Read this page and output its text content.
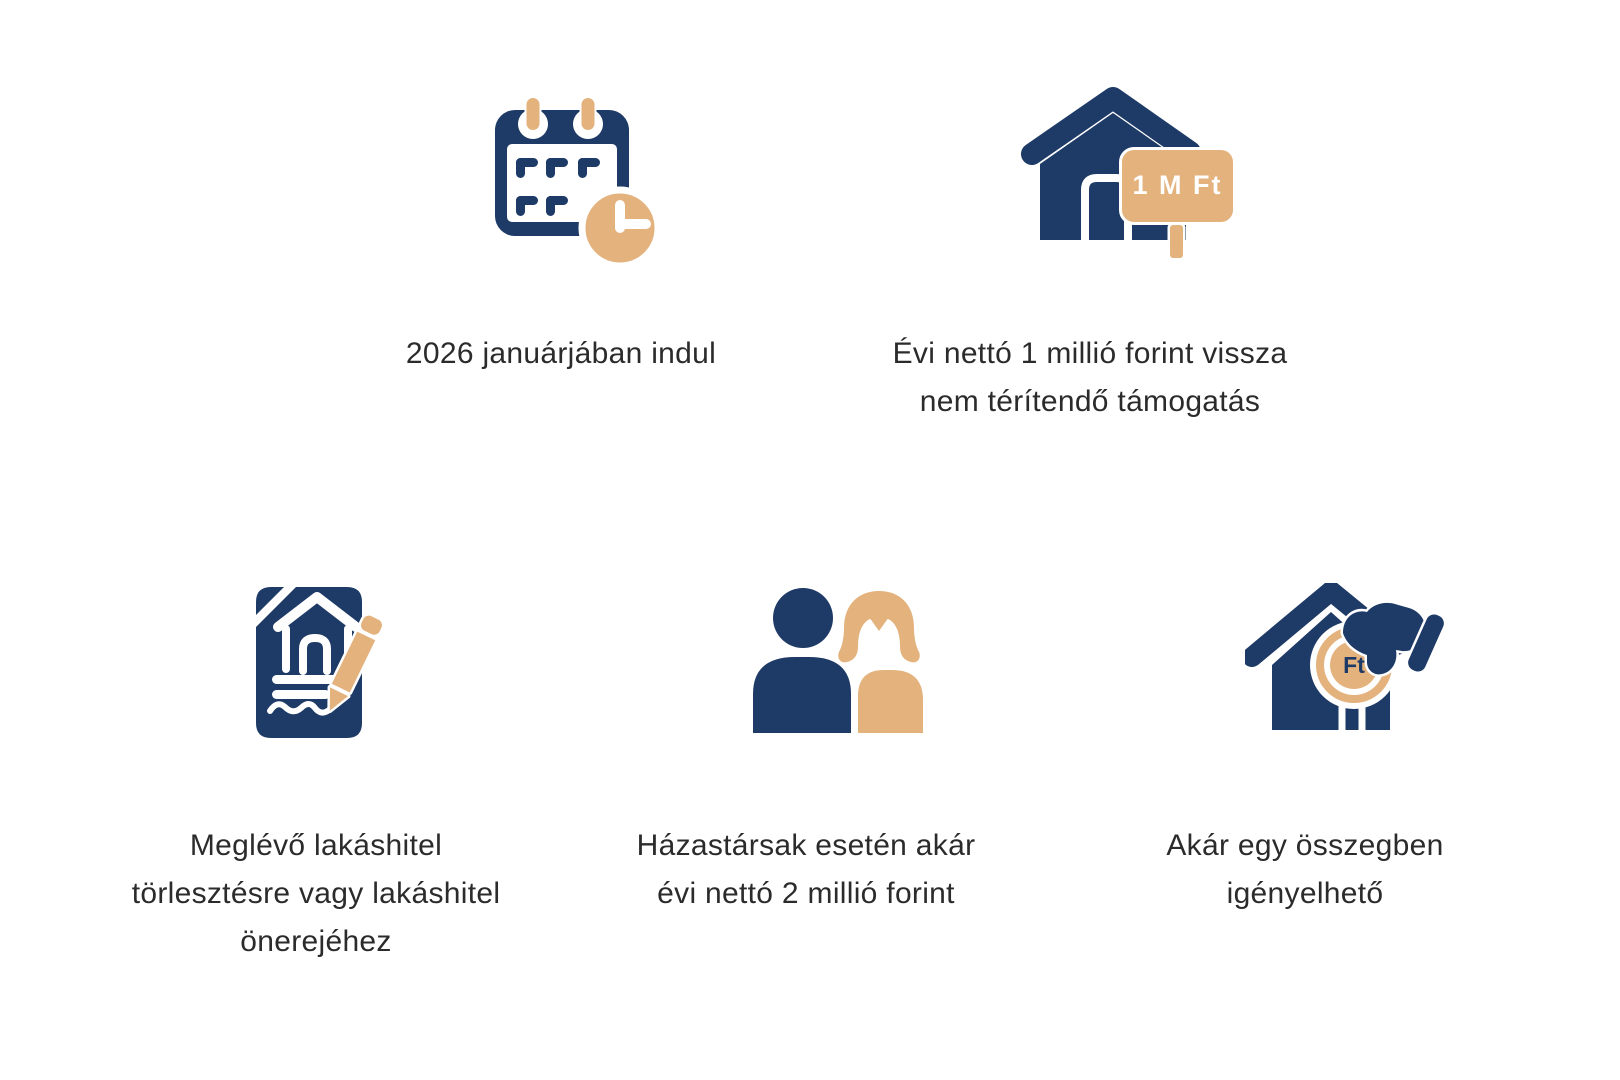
1 M Ft
Ft
2026 januárjában indul	Évi nettó 1 millió forint vissza
nem térítendő támogatás
Meglévő lakáshitel
törlesztésre vagy lakáshitel
önerejéhez
Házastársak esetén akár
évi nettó 2 millió forint
Akár egy összegben
igényelhető
